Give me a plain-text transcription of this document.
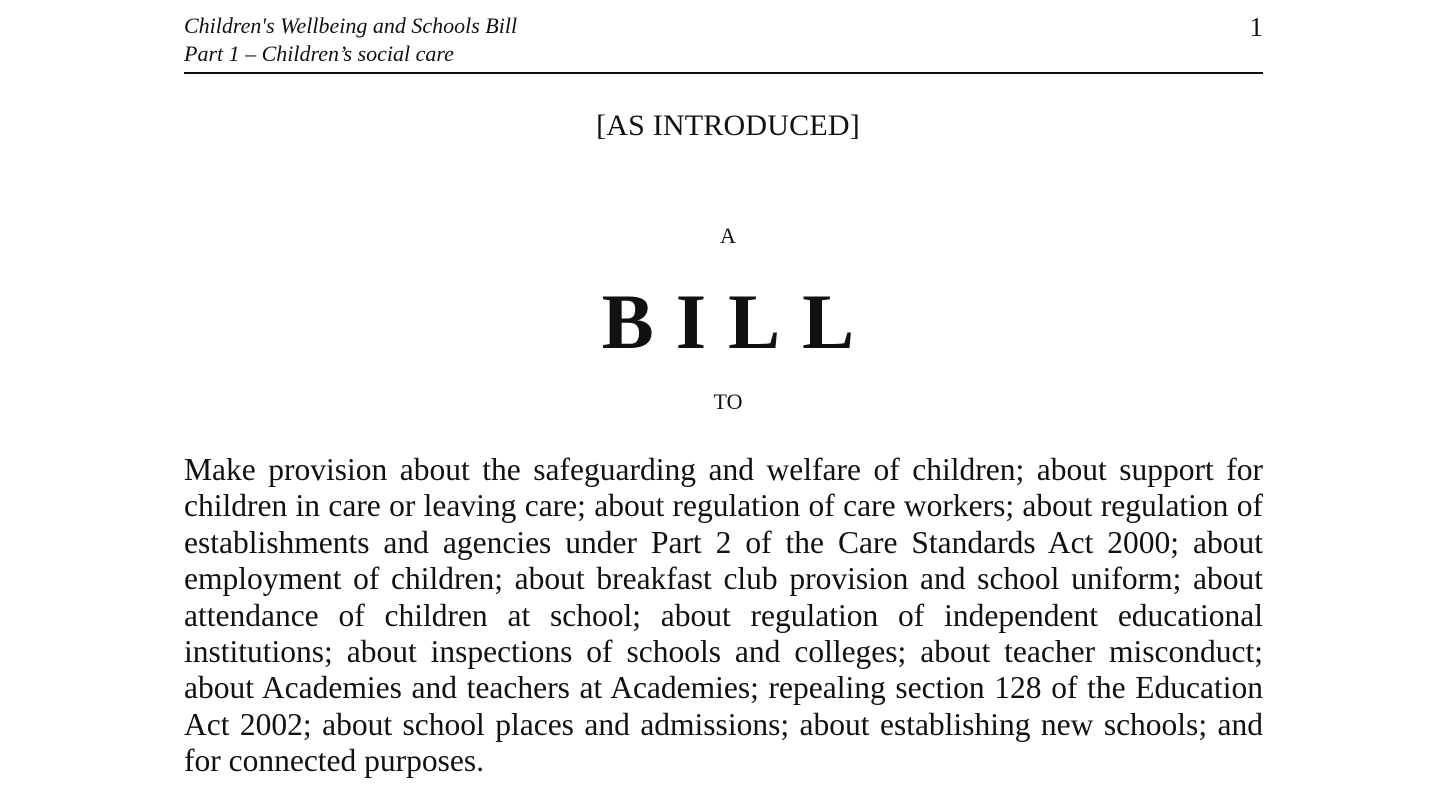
Children's Wellbeing and Schools Bill
Part 1 – Children’s social care
1
[AS INTRODUCED]
A
BILL
TO
Make provision about the safeguarding and welfare of children; about support for children in care or leaving care; about regulation of care workers; about regulation of establishments and agencies under Part 2 of the Care Standards Act 2000; about employment of children; about breakfast club provision and school uniform; about attendance of children at school; about regulation of independent educational institutions; about inspections of schools and colleges; about teacher misconduct; about Academies and teachers at Academies; repealing section 128 of the Education Act 2002; about school places and admissions; about establishing new schools; and for connected purposes.
